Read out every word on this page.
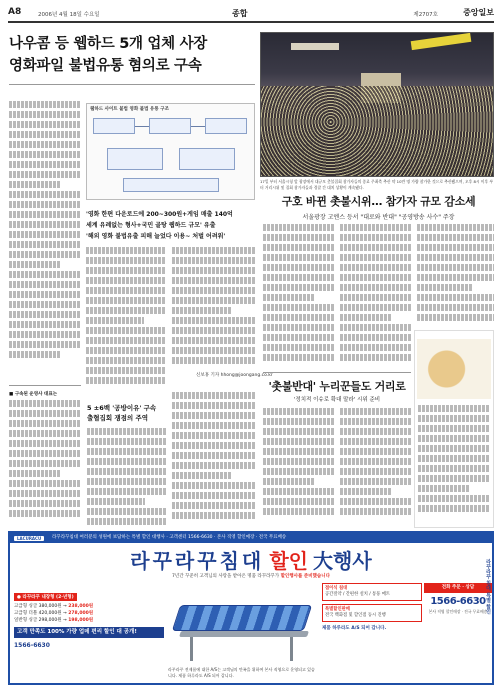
A8	2006년 4월 18일 수요일	종합	제2707호	중앙일보
나우콤 등 웹하드 5개 업체 사장
영화파일 불법유통 혐의로 구속
웹하드 사이트 불법 영화 불법 유통 구조
'영화 한편 다운로드에 200~300원+게임 매출 140억
세계 유례없는 형사+국민 골탕 웹하드 규모' 유출
'해외 영화 불법유출 피해 늘었다 이용~ 처벌 어려워'
신보홍 기자 hhong@joongang.co.kr
■ 구속된 운영사 대표는
5 ±6백 '공방이유' 구속
출혈집회 쟁점의 주역
17일 부터 서울시청 앞 광장에서 대규모 촛불집회 참가자들의 종료 주최측 추산 약 10만 명 가량 참가한 것으로 추산됐으며, 오후 8시 이후 부터 거리시위 및 집회 참가자들과 경찰 간 대치 상황이 계속됐다.
구호 바뀐 촛불시위… 참가자 규모 감소세
서울광장 고엔스 등서 "대로와 반대" "공영방송 사수" 주장
'촛불반대' 누리꾼들도 거리로
'정치적 이슈로 확대 말라' 시위 준비
라꾸라꾸침대 여러분의 성원에 보답하는 특별 할인 대행사 · 고객센터 1566-6630 · 본사 직영 할인매장 · 전국 무료배송
LACURACU
라꾸라꾸침대 할인 大행사
7년간 꾸준히 고객님의 사랑을 받아온 명품 라꾸라꾸가 할인행사를 준비했습니다
● 라꾸라꾸 내장형 (2·년형)
고급형 싱글 380,000원 → 238,000원
고급형 더블 420,000원 → 278,000원
일반형 싱글 298,000원 → 198,000원
고객 만족도 100% 가량 업데 편리 할인 대 공개!
1566-6630
라꾸라꾸 전제품에 대한 A/S는 고객님의 만족을 위하여 본사 직영으로 운영되고 있습니다. 제품 하루라도 A/S 되어 갑니다.
접이식 침대
공간절약 / 간편한 설치 / 통풍 매트
특별할인판매
전국 백화점 및 할인점 동시 진행
제품 하루라도 A/S 되어 갑니다.
전화 주문 · 상담
1566-6630
본사 직영 할인매장 · 전국 무료배송
라꾸라꾸 침대 특별 할인
